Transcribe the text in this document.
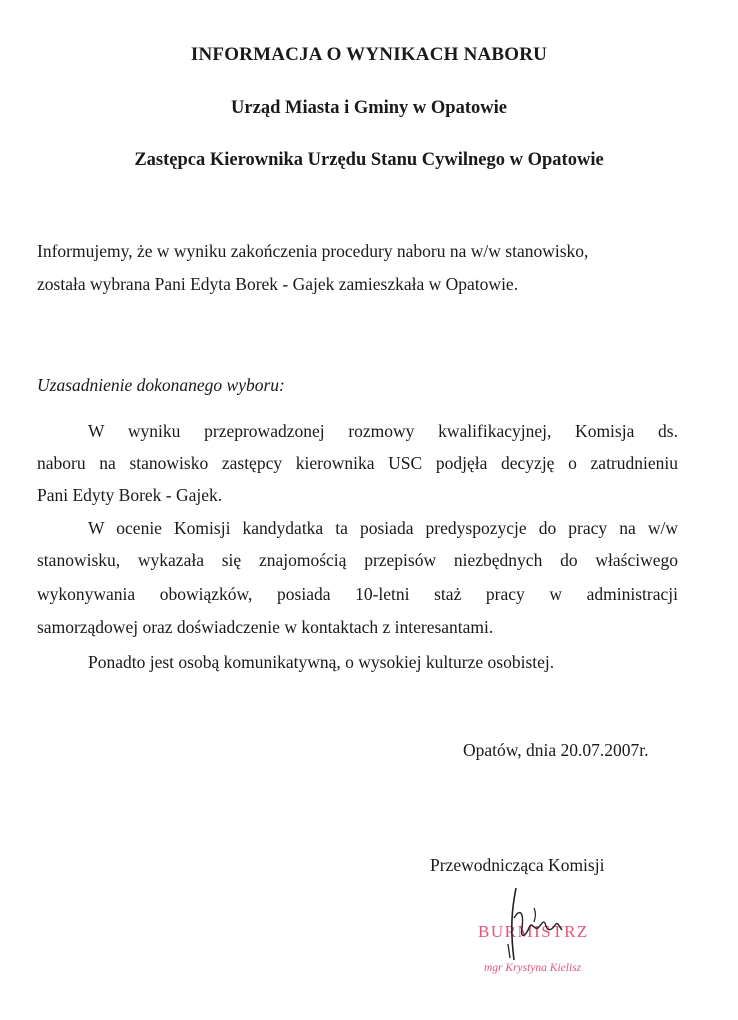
INFORMACJA O WYNIKACH NABORU
Urząd Miasta i Gminy w Opatowie
Zastępca Kierownika Urzędu Stanu Cywilnego w Opatowie
Informujemy, że w wyniku zakończenia procedury naboru na w/w stanowisko,
została wybrana Pani Edyta Borek - Gajek zamieszkała w Opatowie.
Uzasadnienie dokonanego wyboru:
W wyniku przeprowadzonej rozmowy kwalifikacyjnej, Komisja ds.
naboru na stanowisko zastępcy kierownika USC podjęła decyzję o zatrudnieniu
Pani Edyty Borek - Gajek.
W ocenie Komisji kandydatka ta posiada predyspozycje do pracy na w/w
stanowisku, wykazała się znajomością przepisów niezbędnych do właściwego
wykonywania obowiązków, posiada 10-letni staż pracy w administracji
samorządowej oraz doświadczenie w kontaktach z interesantami.
Ponadto jest osobą komunikatywną, o wysokiej kulturze osobistej.
Opatów, dnia 20.07.2007r.
Przewodnicząca Komisji
BURMISTRZ
mgr Krystyna Kielisz
